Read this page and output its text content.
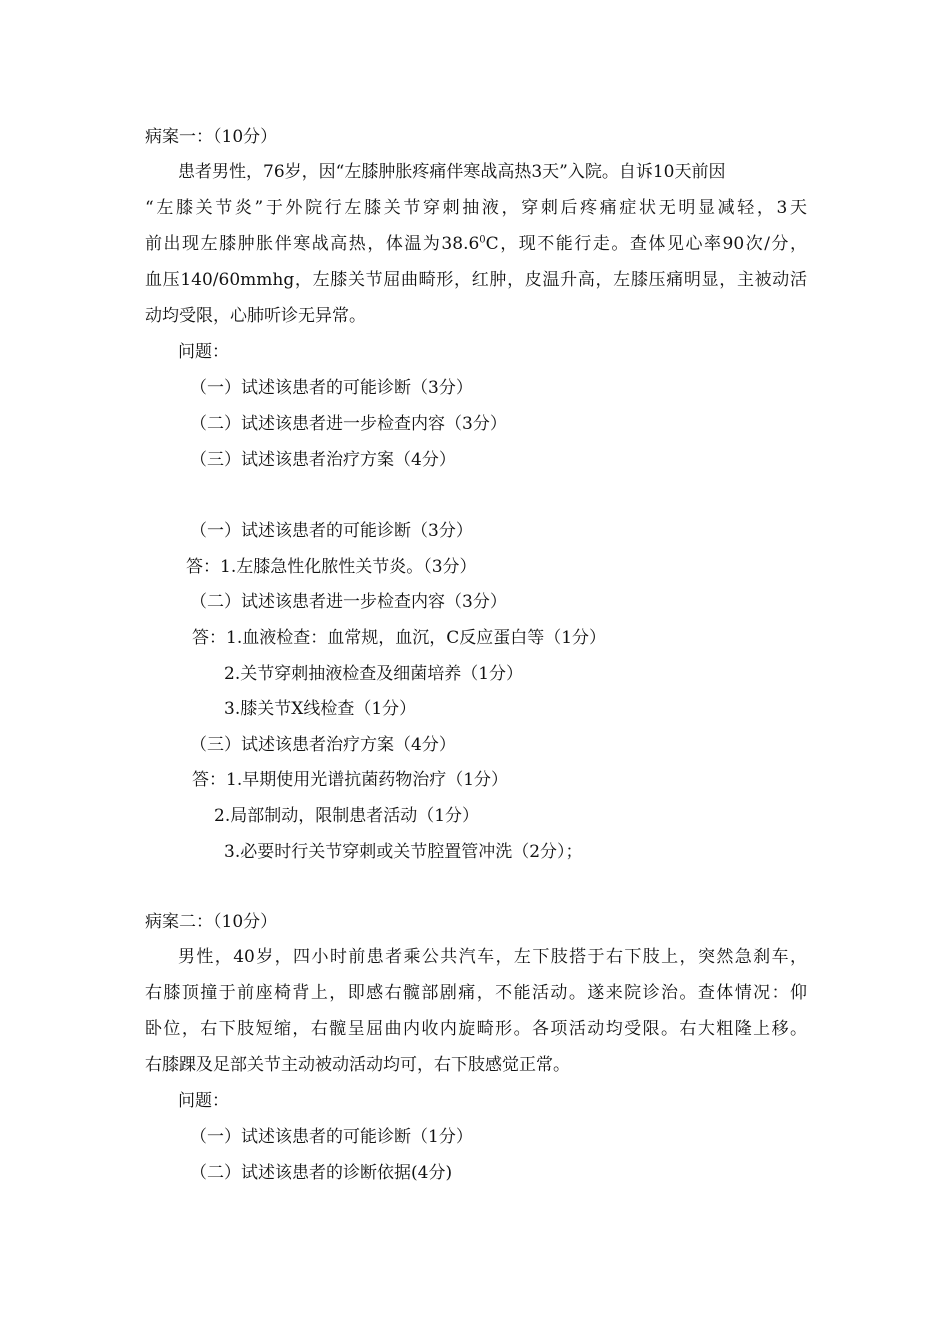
病案一：（10分）
患者男性，76岁，因“左膝肿胀疼痛伴寒战高热3天”入院。自诉10天前因
“左膝关节炎”于外院行左膝关节穿刺抽液，穿刺后疼痛症状无明显减轻，3天
前出现左膝肿胀伴寒战高热，体温为38.6$^0$C，现不能行走。查体见心率90次/分，
血压140/60mmhg，左膝关节屈曲畸形，红肿，皮温升高，左膝压痛明显，主被动活
动均受限，心肺听诊无异常。
问题：
（一）试述该患者的可能诊断（3分）
（二）试述该患者进一步检查内容（3分）
（三）试述该患者治疗方案（4分）
（一）试述该患者的可能诊断（3分）
答：1.左膝急性化脓性关节炎。（3分）
（二）试述该患者进一步检查内容（3分）
答：1.血液检查：血常规，血沉，C反应蛋白等（1分）
2.关节穿刺抽液检查及细菌培养（1分）
3.膝关节X线检查（1分）
（三）试述该患者治疗方案（4分）
答：1.早期使用光谱抗菌药物治疗（1分）
2.局部制动，限制患者活动（1分）
3.必要时行关节穿刺或关节腔置管冲洗（2分）；
病案二：（10分）
男性，40岁，四小时前患者乘公共汽车，左下肢搭于右下肢上，突然急刹车，
右膝顶撞于前座椅背上，即感右髋部剧痛，不能活动。遂来院诊治。查体情况：仰
卧位，右下肢短缩，右髋呈屈曲内收内旋畸形。各项活动均受限。右大粗隆上移。
右膝踝及足部关节主动被动活动均可，右下肢感觉正常。
问题：
（一）试述该患者的可能诊断（1分）
（二）试述该患者的诊断依据(4分)
